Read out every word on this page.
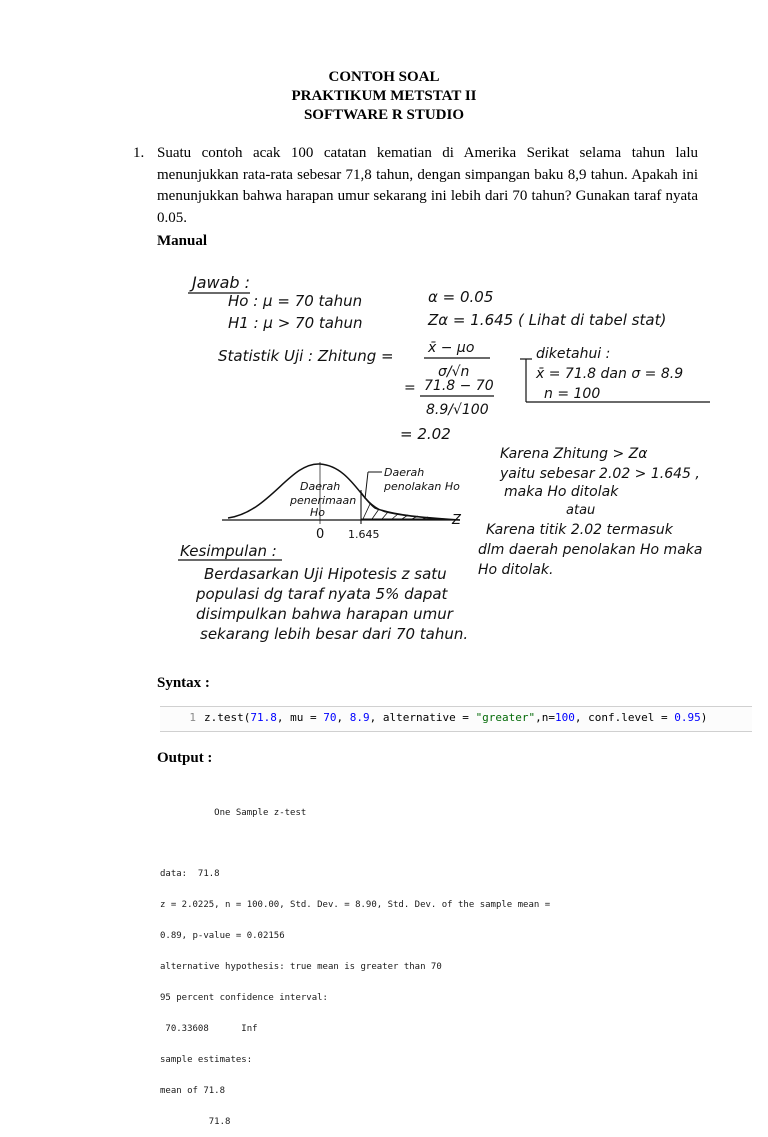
CONTOH SOAL
PRAKTIKUM METSTAT II
SOFTWARE R STUDIO
1. Suatu contoh acak 100 catatan kematian di Amerika Serikat selama tahun lalu menunjukkan rata-rata sebesar 71,8 tahun, dengan simpangan baku 8,9 tahun. Apakah ini menunjukkan bahwa harapan umur sekarang ini lebih dari 70 tahun? Gunakan taraf nyata 0.05.
Manual
Jawab :
Ho : μ = 70 tahun
H1 : μ > 70 tahun
α = 0.05
Zα = 1.645 ( Lihat di tabel stat)
Statistik Uji : Zhitung = x̄ − μo
σ/√n
= 71.8 − 70
8.9/√100
= 2.02
diketahui :
x̄ = 71.8 dan σ = 8.9
n = 100
Karena Zhitung > Zα
yaitu sebesar 2.02 > 1.645 ,
maka Ho ditolak
atau
Karena titik 2.02 termasuk
dlm daerah penolakan Ho maka
Ho ditolak.
0 1.645
Z
Daerah
penerimaan
Ho
Daerah
penolakan Ho
Kesimpulan :
Berdasarkan Uji Hipotesis z satu
populasi dg taraf nyata 5% dapat
disimpulkan bahwa harapan umur
sekarang lebih besar dari 70 tahun.
Syntax :
1 z.test(71.8, mu = 70, 8.9, alternative = "greater",n=100, conf.level = 0.95)
Output :

One Sample z-test

data:  71.8

z = 2.0225, n = 100.00, Std. Dev. = 8.90, Std. Dev. of the sample mean =

0.89, p-value = 0.02156

alternative hypothesis: true mean is greater than 70

95 percent confidence interval:

70.33608      Inf

sample estimates:

mean of 71.8

71.8
